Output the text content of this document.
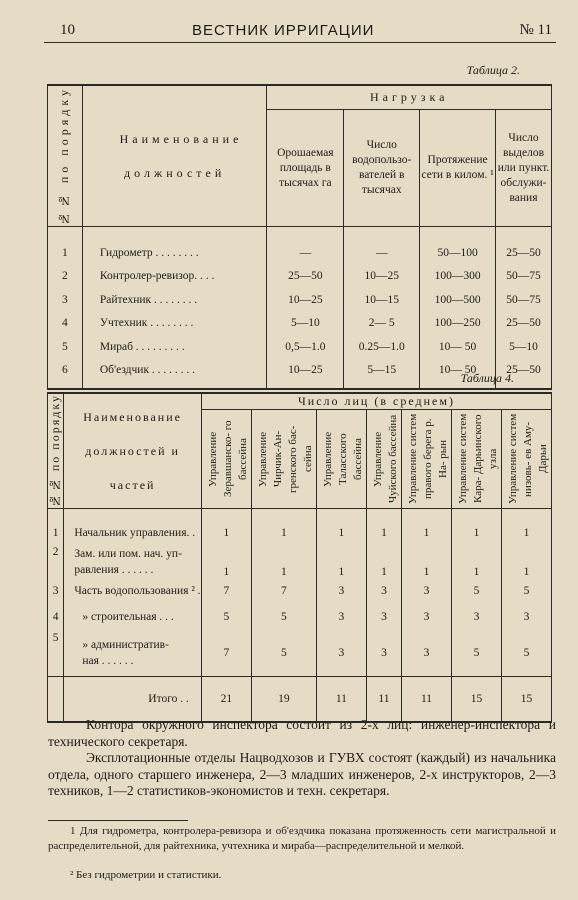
10	ВЕСТНИК ИРРИГАЦИИ	№ 11
Таблица 2.
№№ по порядку	Наименование должностей	Нагрузка			
		Орошаемая площадь в тысячах га	Число водопользо- вателей в тысячах	Протяжение сети в килом. ¹	Число выделов или пункт. обслужи- вания

1	Гидрометр . . . . . . . .	—	—	50—100	25—50
2	Контролер-ревизор. . . .	25—50	10—25	100—300	50—75
3	Райтехник . . . . . . . .	10—25	10—15	100—500	50—75
4	Учтехник . . . . . . . .	5—10	2— 5	100—250	25—50
5	Мираб . . . . . . . . .	0,5—1.0	0.25—1.0	10— 50	5—10
6	Об'ездчик . . . . . . . .	10—25	5—15	10— 50	25—50

Таблица 4.
№№ по порядку	Наименование должностей и частей	Число лиц (в среднем)						

		Управление Зеравшанско- го бассейна	Управление Чирчик-Ан- гренского бас- сейна	Управление Таласского бассейна	Управление Чуйского бассейна	Управление систем правого берега р. На- рын	Управление систем Кара- Дарьинского узла	Управление систем низовь- ев Аму-Дарьи

1	Начальник управления. .	1	1	1	1	1	1	1
2	Зам. или пом. нач. уп- равления . . . . . .	1	1	1	1	1	1	1
3	Часть водопользования ² .	7	7	3	3	3	5	5
4	» строительная . . .	5	5	3	3	3	3	3
5	» административ- ная . . . . . .	7	5	3	3	3	5	5
	Итого . .	21	19	11	11	11	15	15
Контора окружного инспектора состоит из 2-х лиц: инженер-инспектора и технического секретаря.
Эксплотационные отделы Нацводхозов и ГУВХ состоят (каждый) из начальника отдела, одного старшего инженера, 2—3 младших инженеров, 2-х инструкторов, 2—3 техников, 1—2 статистиков-экономистов и техн. секретаря.
1 Для гидрометра, контролера-ревизора и об'ездчика показана протяженность сети магистральной и распределительной, для райтехника, учтехника и мираба—распределительной и мелкой.
² Без гидрометрии и статистики.
